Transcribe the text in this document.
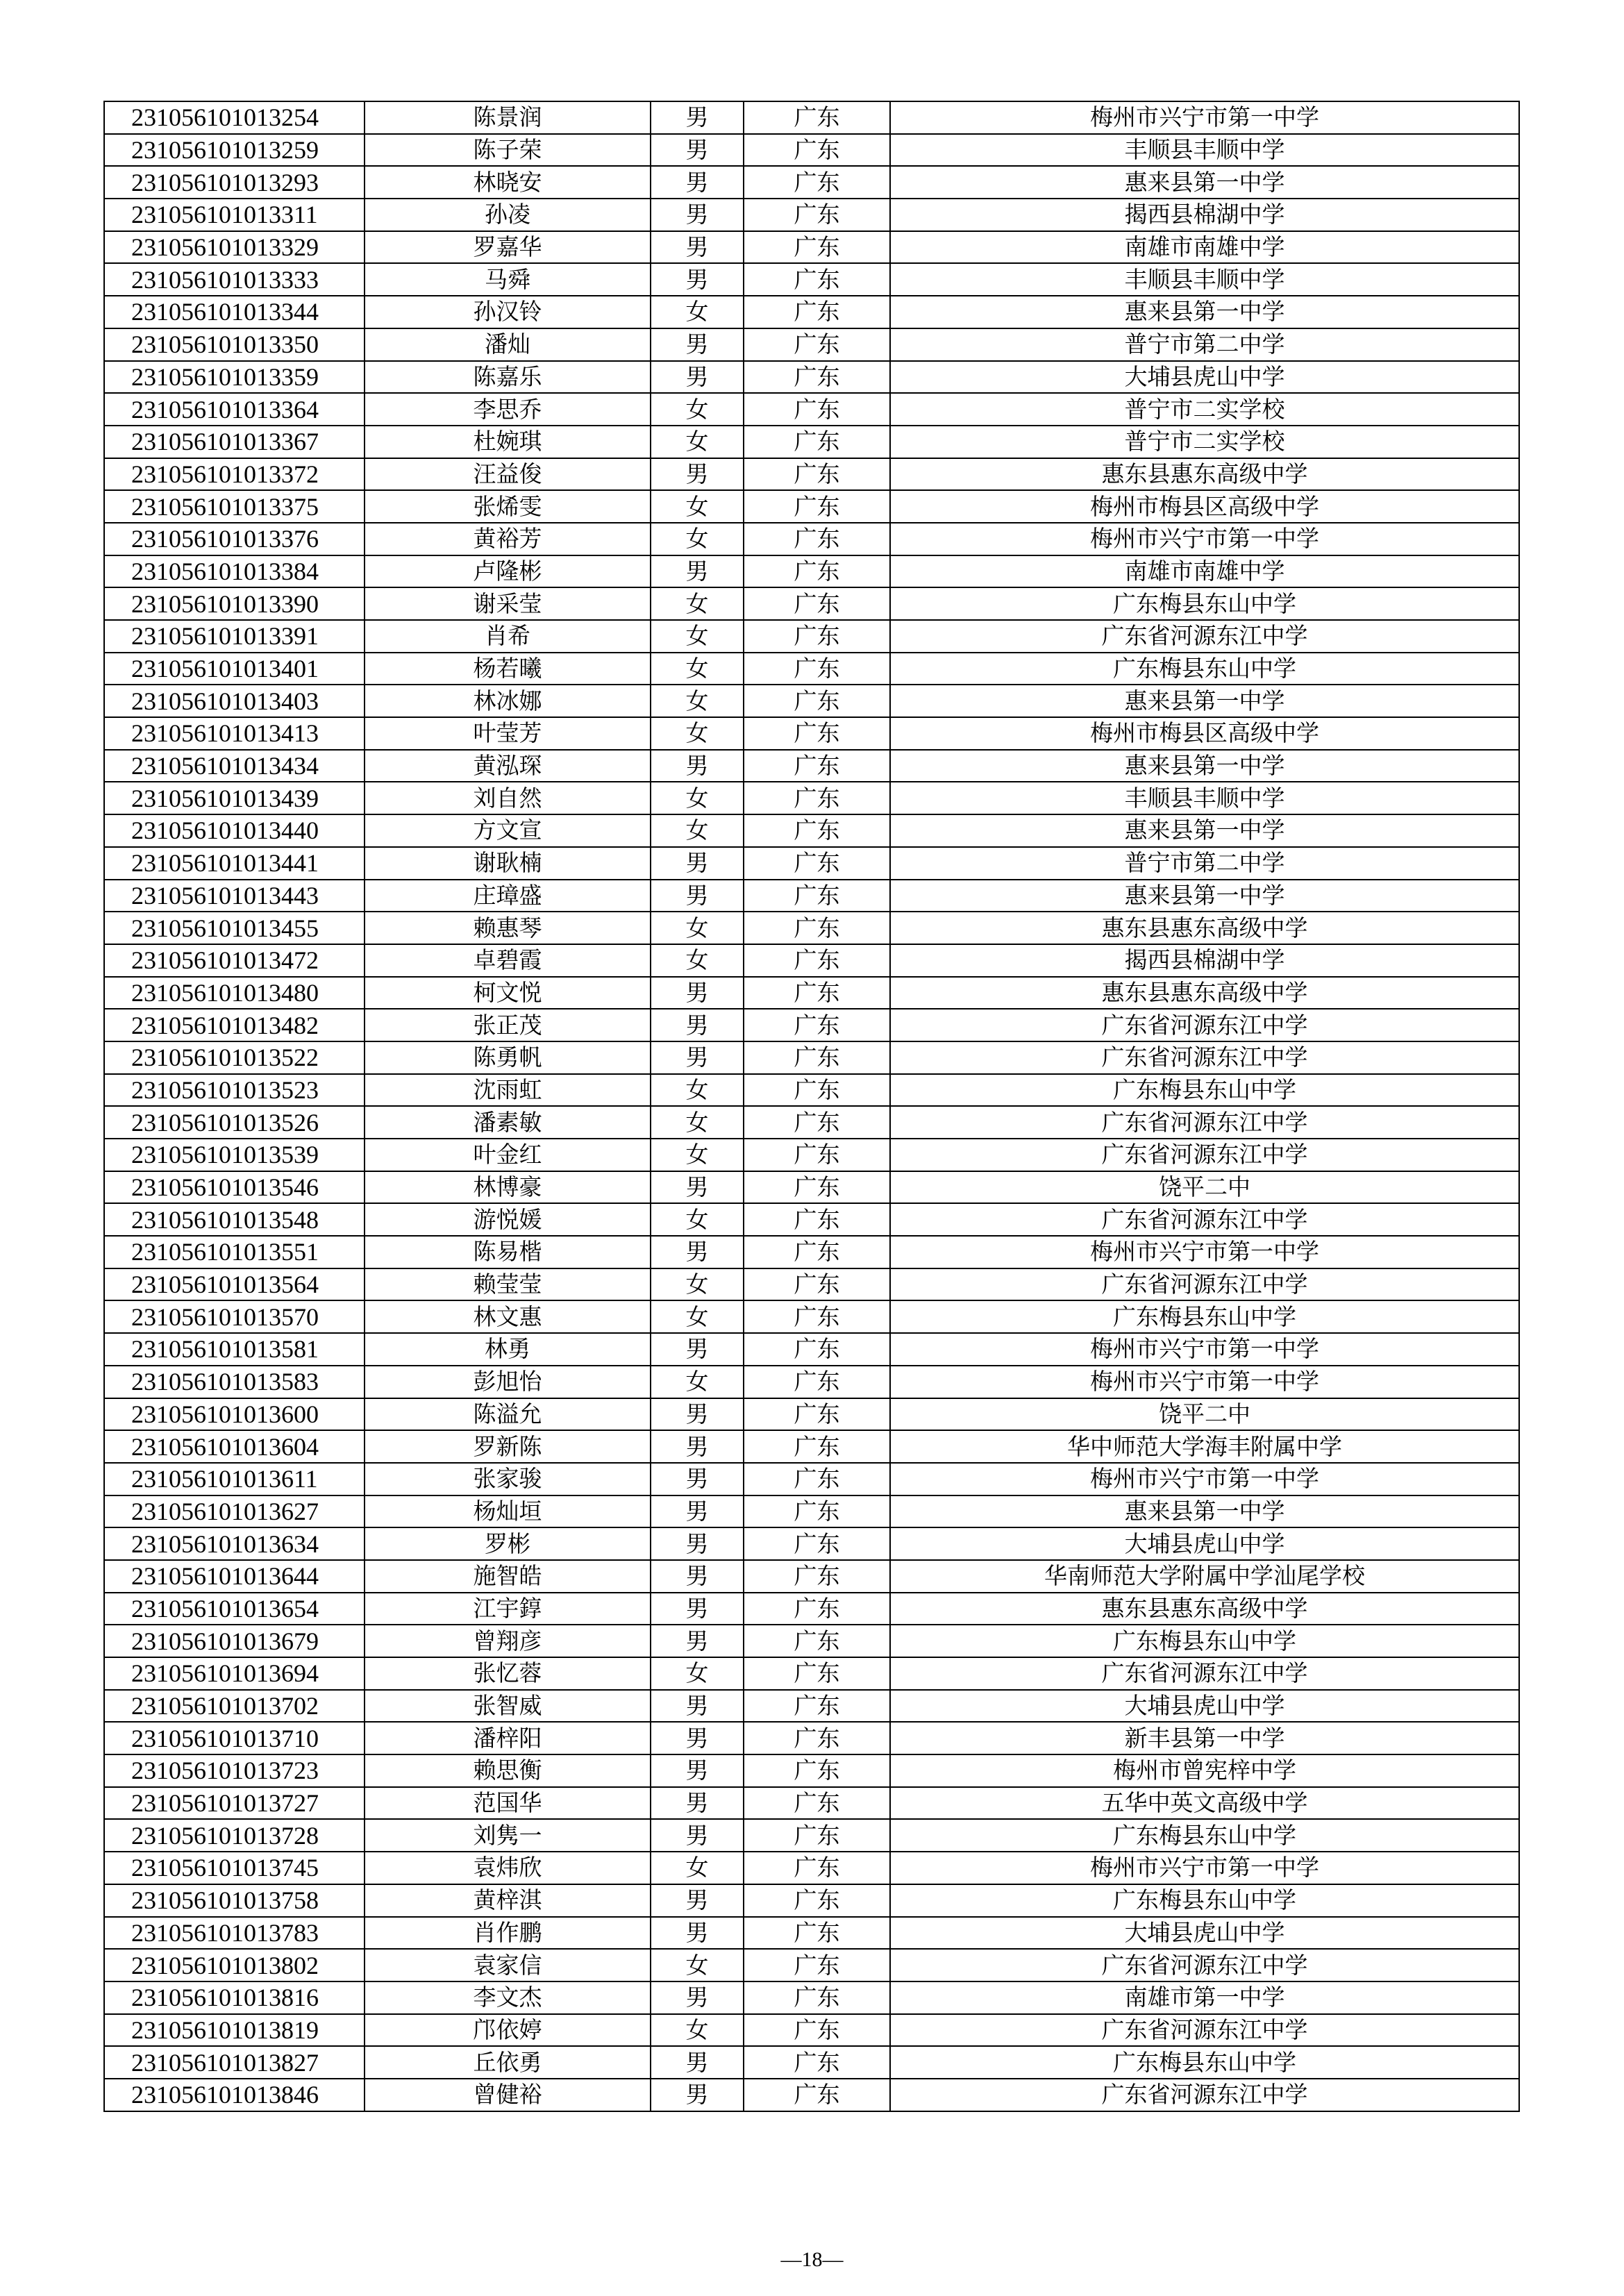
231056101013254	陈景润	男	广东	梅州市兴宁市第一中学
231056101013259	陈子荣	男	广东	丰顺县丰顺中学
231056101013293	林晓安	男	广东	惠来县第一中学
231056101013311	孙凌	男	广东	揭西县棉湖中学
231056101013329	罗嘉华	男	广东	南雄市南雄中学
231056101013333	马舜	男	广东	丰顺县丰顺中学
231056101013344	孙汉铃	女	广东	惠来县第一中学
231056101013350	潘灿	男	广东	普宁市第二中学
231056101013359	陈嘉乐	男	广东	大埔县虎山中学
231056101013364	李思乔	女	广东	普宁市二实学校
231056101013367	杜婉琪	女	广东	普宁市二实学校
231056101013372	汪益俊	男	广东	惠东县惠东高级中学
231056101013375	张烯雯	女	广东	梅州市梅县区高级中学
231056101013376	黄裕芳	女	广东	梅州市兴宁市第一中学
231056101013384	卢隆彬	男	广东	南雄市南雄中学
231056101013390	谢采莹	女	广东	广东梅县东山中学
231056101013391	肖希	女	广东	广东省河源东江中学
231056101013401	杨若曦	女	广东	广东梅县东山中学
231056101013403	林冰娜	女	广东	惠来县第一中学
231056101013413	叶莹芳	女	广东	梅州市梅县区高级中学
231056101013434	黄泓琛	男	广东	惠来县第一中学
231056101013439	刘自然	女	广东	丰顺县丰顺中学
231056101013440	方文宣	女	广东	惠来县第一中学
231056101013441	谢耿楠	男	广东	普宁市第二中学
231056101013443	庄璋盛	男	广东	惠来县第一中学
231056101013455	赖惠琴	女	广东	惠东县惠东高级中学
231056101013472	卓碧霞	女	广东	揭西县棉湖中学
231056101013480	柯文悦	男	广东	惠东县惠东高级中学
231056101013482	张正茂	男	广东	广东省河源东江中学
231056101013522	陈勇帆	男	广东	广东省河源东江中学
231056101013523	沈雨虹	女	广东	广东梅县东山中学
231056101013526	潘素敏	女	广东	广东省河源东江中学
231056101013539	叶金红	女	广东	广东省河源东江中学
231056101013546	林博豪	男	广东	饶平二中
231056101013548	游悦媛	女	广东	广东省河源东江中学
231056101013551	陈易楷	男	广东	梅州市兴宁市第一中学
231056101013564	赖莹莹	女	广东	广东省河源东江中学
231056101013570	林文惠	女	广东	广东梅县东山中学
231056101013581	林勇	男	广东	梅州市兴宁市第一中学
231056101013583	彭旭怡	女	广东	梅州市兴宁市第一中学
231056101013600	陈溢允	男	广东	饶平二中
231056101013604	罗新陈	男	广东	华中师范大学海丰附属中学
231056101013611	张家骏	男	广东	梅州市兴宁市第一中学
231056101013627	杨灿垣	男	广东	惠来县第一中学
231056101013634	罗彬	男	广东	大埔县虎山中学
231056101013644	施智皓	男	广东	华南师范大学附属中学汕尾学校
231056101013654	江宇錞	男	广东	惠东县惠东高级中学
231056101013679	曾翔彦	男	广东	广东梅县东山中学
231056101013694	张忆蓉	女	广东	广东省河源东江中学
231056101013702	张智威	男	广东	大埔县虎山中学
231056101013710	潘梓阳	男	广东	新丰县第一中学
231056101013723	赖思衡	男	广东	梅州市曾宪梓中学
231056101013727	范国华	男	广东	五华中英文高级中学
231056101013728	刘隽一	男	广东	广东梅县东山中学
231056101013745	袁炜欣	女	广东	梅州市兴宁市第一中学
231056101013758	黄梓淇	男	广东	广东梅县东山中学
231056101013783	肖作鹏	男	广东	大埔县虎山中学
231056101013802	袁家信	女	广东	广东省河源东江中学
231056101013816	李文杰	男	广东	南雄市第一中学
231056101013819	邝依婷	女	广东	广东省河源东江中学
231056101013827	丘依勇	男	广东	广东梅县东山中学
231056101013846	曾健裕	男	广东	广东省河源东江中学
—18—
